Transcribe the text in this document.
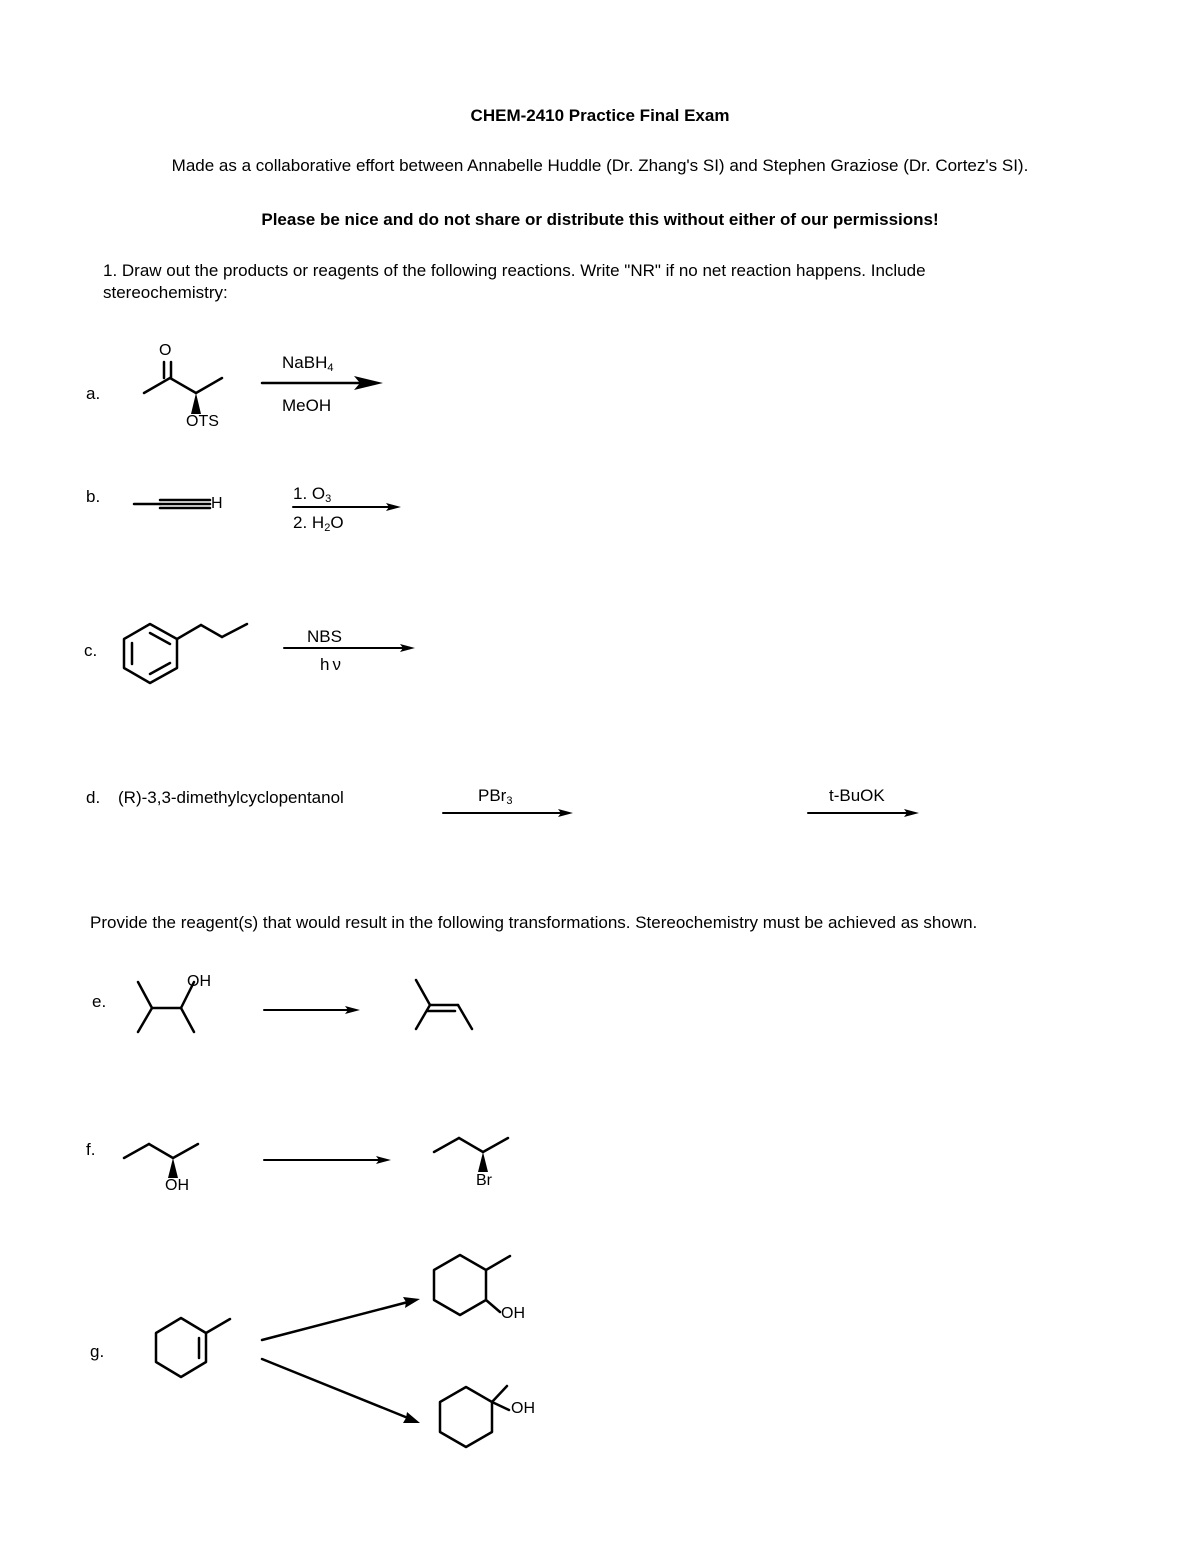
CHEM-2410 Practice Final Exam
Made as a collaborative effort between Annabelle Huddle (Dr. Zhang's SI) and Stephen Graziose (Dr. Cortez's SI).
Please be nice and do not share or distribute this without either of our permissions!
1. Draw out the products or reagents of the following reactions. Write "NR" if no net reaction happens. Include
stereochemistry:
a.
O
OTS
NaBH$_4$
MeOH
b.	H
1. $O_3$
2. $H_2O$
c.
NBS
hν
d. (R)-3,3-dimethylcyclopentanol	PBr$_3$	t-BuOK
Provide the reagent(s) that would result in the following transformations. Stereochemistry must be achieved as shown.
e.
OH
f.
OH	Br
g.
OH
OH
